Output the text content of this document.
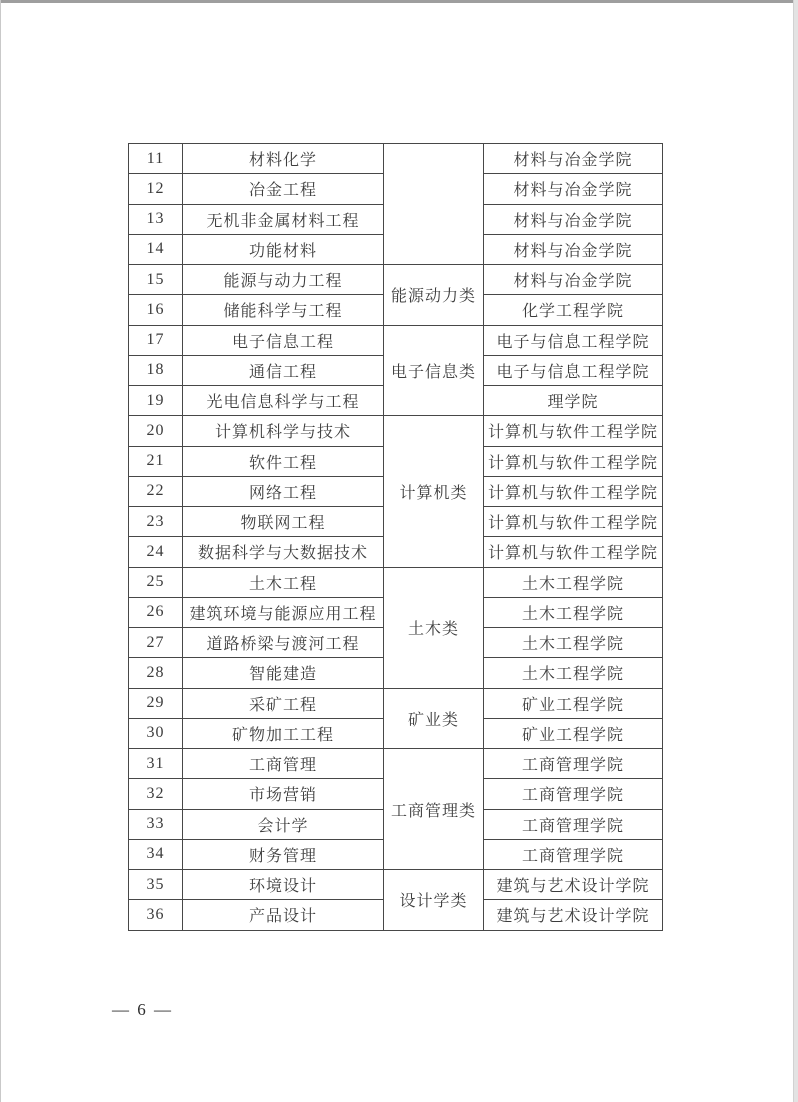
11	材料化学		材料与冶金学院
12	冶金工程		材料与冶金学院
13	无机非金属材料工程		材料与冶金学院
14	功能材料		材料与冶金学院
15	能源与动力工程	能源动力类	材料与冶金学院
16	储能科学与工程		化学工程学院
17	电子信息工程	电子信息类	电子与信息工程学院
18	通信工程		电子与信息工程学院
19	光电信息科学与工程		理学院
20	计算机科学与技术	计算机类	计算机与软件工程学院
21	软件工程		计算机与软件工程学院
22	网络工程		计算机与软件工程学院
23	物联网工程		计算机与软件工程学院
24	数据科学与大数据技术		计算机与软件工程学院
25	土木工程	土木类	土木工程学院
26	建筑环境与能源应用工程		土木工程学院
27	道路桥梁与渡河工程		土木工程学院
28	智能建造		土木工程学院
29	采矿工程	矿业类	矿业工程学院
30	矿物加工工程		矿业工程学院
31	工商管理	工商管理类	工商管理学院
32	市场营销		工商管理学院
33	会计学		工商管理学院
34	财务管理		工商管理学院
35	环境设计	设计学类	建筑与艺术设计学院
36	产品设计		建筑与艺术设计学院
— 6 —
